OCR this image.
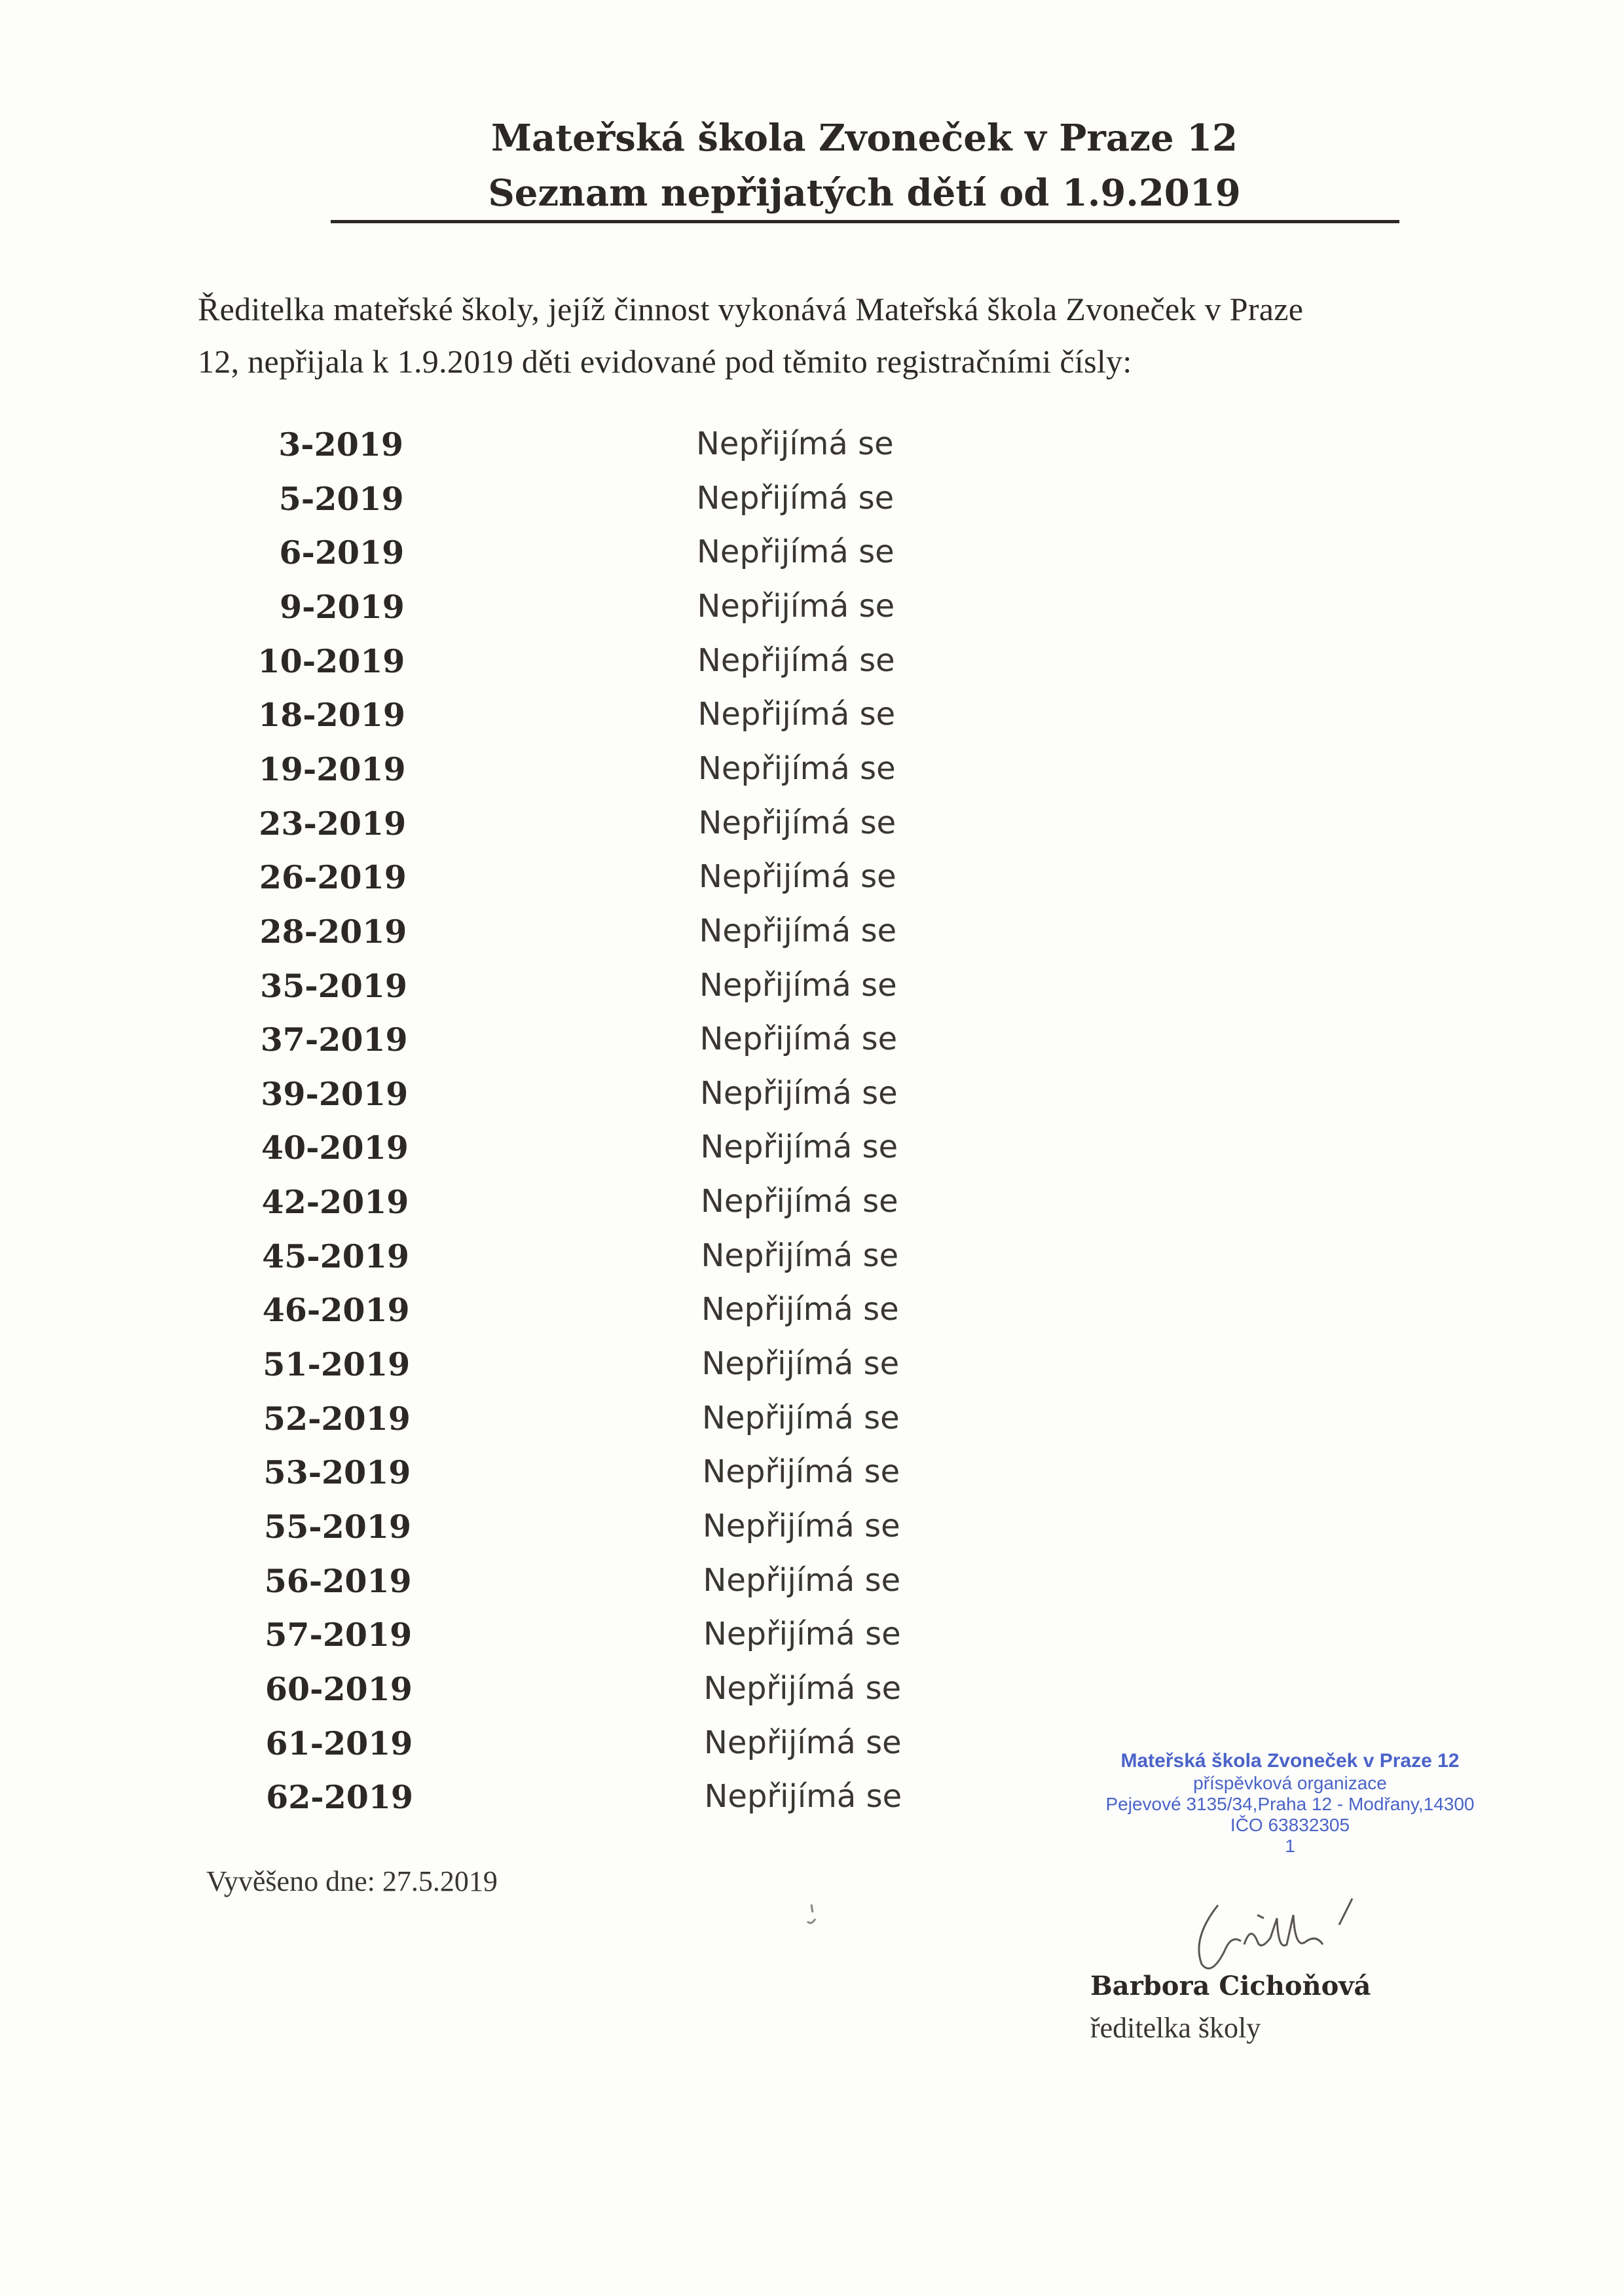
Mateřská škola Zvoneček v Praze 12
Seznam nepřijatých dětí od 1.9.2019

Ředitelka mateřské školy, jejíž činnost vykonává Mateřská škola Zvoneček v Praze

12, nepřijala k 1.9.2019 děti evidované pod těmito registračními čísly:

3-2019	Nepřijímá se
5-2019	Nepřijímá se
6-2019	Nepřijímá se
9-2019	Nepřijímá se
10-2019	Nepřijímá se
18-2019	Nepřijímá se
19-2019	Nepřijímá se
23-2019	Nepřijímá se
26-2019	Nepřijímá se
28-2019	Nepřijímá se
35-2019	Nepřijímá se
37-2019	Nepřijímá se
39-2019	Nepřijímá se
40-2019	Nepřijímá se
42-2019	Nepřijímá se
45-2019	Nepřijímá se
46-2019	Nepřijímá se
51-2019	Nepřijímá se
52-2019	Nepřijímá se
53-2019	Nepřijímá se
55-2019	Nepřijímá se
56-2019	Nepřijímá se
57-2019	Nepřijímá se
60-2019	Nepřijímá se
61-2019	Nepřijímá se
62-2019	Nepřijímá se
Vyvěšeno dne: 27.5.2019
Mateřská škola Zvoneček v Praze 12
příspěvková organizace
Pejevové 3135/34,Praha 12 - Modřany,14300
IČO 63832305
1
Barbora Cichoňová
ředitelka školy
